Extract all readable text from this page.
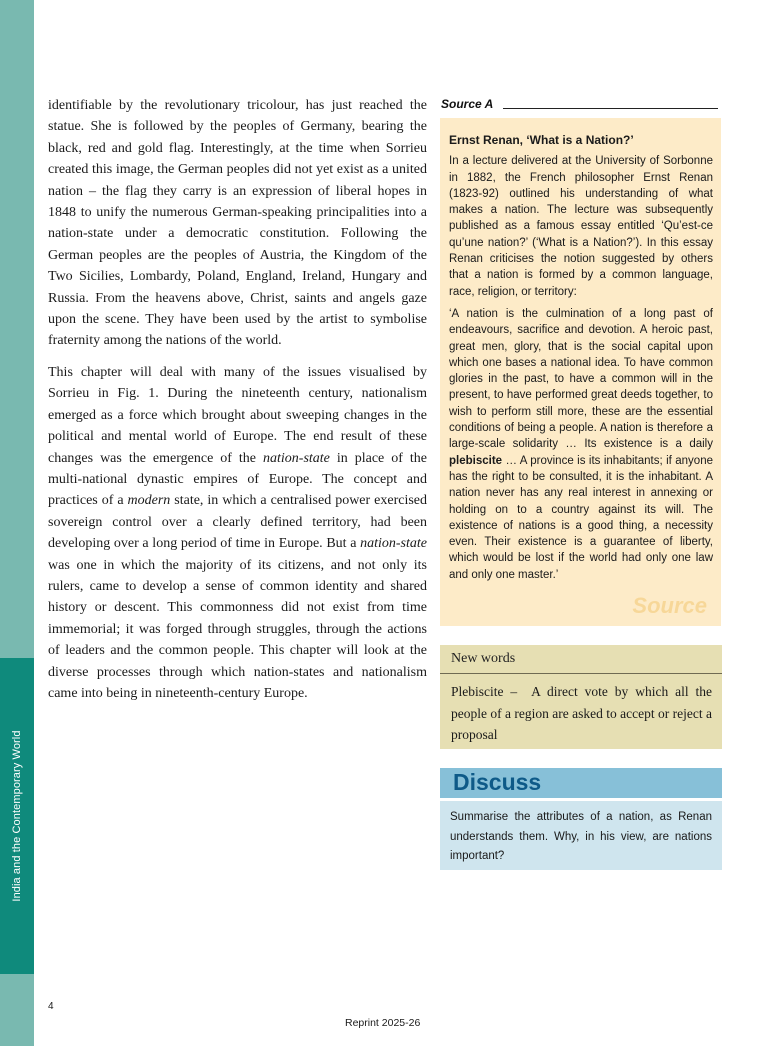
India and the Contemporary World

identifiable by the revolutionary tricolour, has just reached the statue. She is followed by the peoples of Germany, bearing the black, red and gold flag. Interestingly, at the time when Sorrieu created this image, the German peoples did not yet exist as a united nation – the flag they carry is an expression of liberal hopes in 1848 to unify the numerous German-speaking principalities into a nation-state under a democratic constitution. Following the German peoples are the peoples of Austria, the Kingdom of the Two Sicilies, Lombardy, Poland, England, Ireland, Hungary and Russia. From the heavens above, Christ, saints and angels gaze upon the scene. They have been used by the artist to symbolise fraternity among the nations of the world.

This chapter will deal with many of the issues visualised by Sorrieu in Fig. 1. During the nineteenth century, nationalism emerged as a force which brought about sweeping changes in the political and mental world of Europe. The end result of these changes was the emergence of the nation-state in place of the multi-national dynastic empires of Europe. The concept and practices of a modern state, in which a centralised power exercised sovereign control over a clearly defined territory, had been developing over a long period of time in Europe. But a nation-state was one in which the majority of its citizens, and not only its rulers, came to develop a sense of common identity and shared history or descent. This commonness did not exist from time immemorial; it was forged through struggles, through the actions of leaders and the common people. This chapter will look at the diverse processes through which nation-states and nationalism came into being in nineteenth-century Europe.

Source A

Ernst Renan, ‘What is a Nation?’

In a lecture delivered at the University of Sorbonne in 1882, the French philosopher Ernst Renan (1823-92) outlined his understanding of what makes a nation. The lecture was subsequently published as a famous essay entitled ‘Qu’est-ce qu’une nation?’ (‘What is a Nation?’). In this essay Renan criticises the notion suggested by others that a nation is formed by a common language, race, religion, or territory:

‘A nation is the culmination of a long past of endeavours, sacrifice and devotion. A heroic past, great men, glory, that is the social capital upon which one bases a national idea. To have common glories in the past, to have a common will in the present, to have performed great deeds together, to wish to perform still more, these are the essential conditions of being a people. A nation is therefore a large-scale solidarity … Its existence is a daily plebiscite … A province is its inhabitants; if anyone has the right to be consulted, it is the inhabitant. A nation never has any real interest in annexing or holding on to a country against its will. The existence of nations is a good thing, a necessity even. Their existence is a guarantee of liberty, which would be lost if the world had only one law and only one master.’

Source
New words
Plebiscite – A direct vote by which all the people of a region are asked to accept or reject a proposal
Discuss
Summarise the attributes of a nation, as Renan understands them. Why, in his view, are nations important?
4
Reprint 2025-26
